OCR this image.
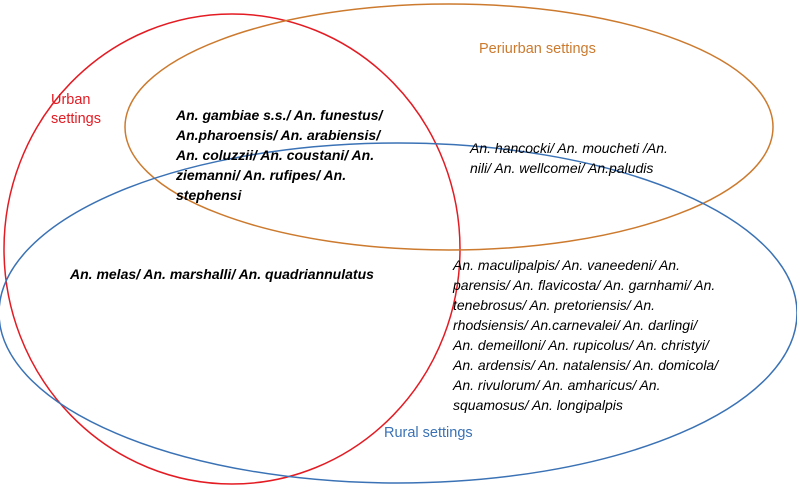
Urban
settings
Periurban settings
Rural settings
An. gambiae s.s./ An. funestus/
An.pharoensis/ An. arabiensis/
An. coluzzii/ An. coustani/ An.
ziemanni/ An. rufipes/ An.
stephensi
An. hancocki/ An. moucheti /An.
nili/ An. wellcomei/ An.paludis
An. melas/ An. marshalli/ An. quadriannulatus
An. maculipalpis/ An. vaneedeni/ An.
parensis/ An. flavicosta/ An. garnhami/ An.
tenebrosus/ An. pretoriensis/ An.
rhodsiensis/ An.carnevalei/ An. darlingi/
An. demeilloni/ An. rupicolus/ An. christyi/
An. ardensis/ An. natalensis/ An. domicola/
An. rivulorum/ An. amharicus/ An.
squamosus/ An. longipalpis
